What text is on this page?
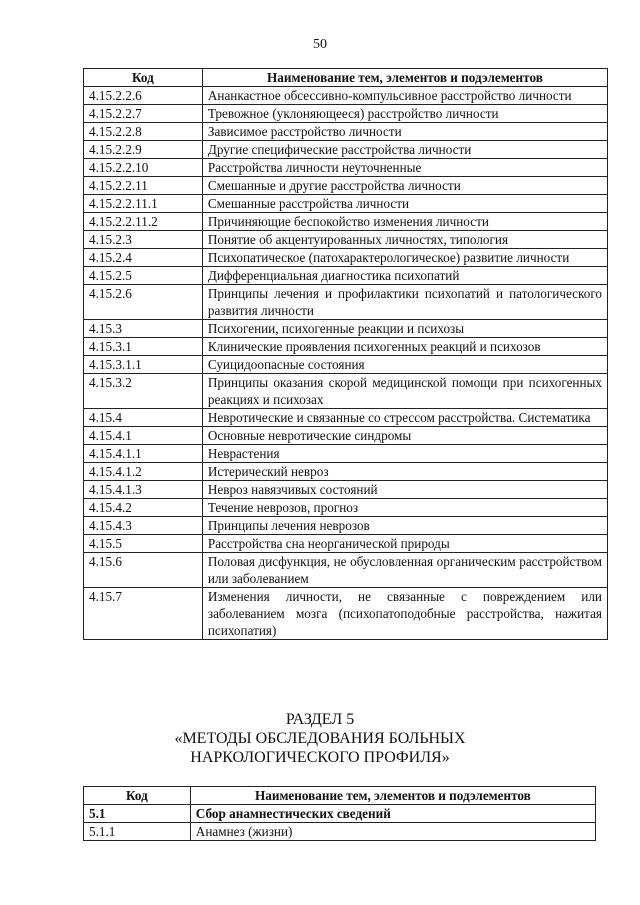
50
Код	Наименование тем, элементов и подэлементов
4.15.2.2.6	Ананкастное обсессивно-компульсивное расстройство личности
4.15.2.2.7	Тревожное (уклоняющееся) расстройство личности
4.15.2.2.8	Зависимое расстройство личности
4.15.2.2.9	Другие специфические расстройства личности
4.15.2.2.10	Расстройства личности неуточненные
4.15.2.2.11	Смешанные и другие расстройства личности
4.15.2.2.11.1	Смешанные расстройства личности
4.15.2.2.11.2	Причиняющие беспокойство изменения личности
4.15.2.3	Понятие об акцентуированных личностях, типология
4.15.2.4	Психопатическое (патохарактерологическое) развитие личности
4.15.2.5	Дифференциальная диагностика психопатий
4.15.2.6	Принципы лечения и профилактики психопатий и патологического развития личности
4.15.3	Психогении, психогенные реакции и психозы
4.15.3.1	Клинические проявления психогенных реакций и психозов
4.15.3.1.1	Суицидоопасные состояния
4.15.3.2	Принципы оказания скорой медицинской помощи при психогенных реакциях и психозах
4.15.4	Невротические и связанные со стрессом расстройства. Систематика
4.15.4.1	Основные невротические синдромы
4.15.4.1.1	Неврастения
4.15.4.1.2	Истерический невроз
4.15.4.1.3	Невроз навязчивых состояний
4.15.4.2	Течение неврозов, прогноз
4.15.4.3	Принципы лечения неврозов
4.15.5	Расстройства сна неорганической природы
4.15.6	Половая дисфункция, не обусловленная органическим расстройством или заболеванием
4.15.7	Изменения личности, не связанные с повреждением или заболеванием мозга (психопатоподобные расстройства, нажитая психопатия)
РАЗДЕЛ 5
«МЕТОДЫ ОБСЛЕДОВАНИЯ БОЛЬНЫХ
НАРКОЛОГИЧЕСКОГО ПРОФИЛЯ»
Код	Наименование тем, элементов и подэлементов
5.1	Сбор анамнестических сведений
5.1.1	Анамнез (жизни)
